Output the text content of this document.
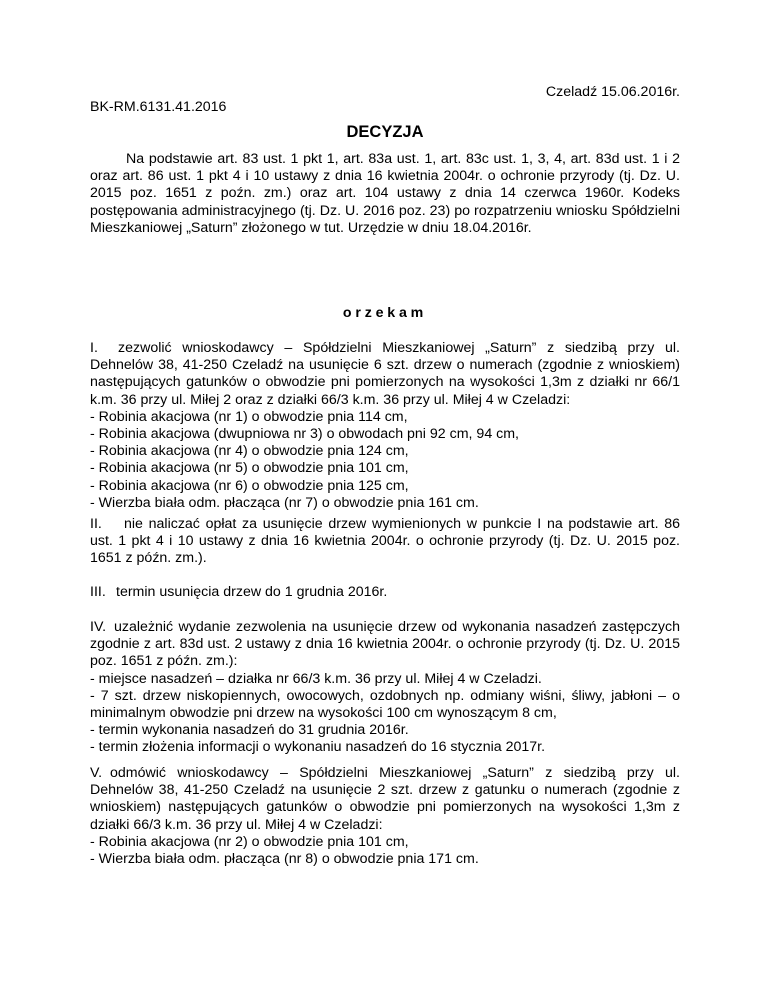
Czeladź 15.06.2016r.
BK-RM.6131.41.2016
DECYZJA

Na podstawie art. 83 ust. 1 pkt 1, art. 83a ust. 1, art. 83c ust. 1, 3, 4, art. 83d ust. 1 i 2 oraz art. 86 ust. 1 pkt 4 i 10 ustawy z dnia 16 kwietnia 2004r. o ochronie przyrody (tj. Dz. U. 2015 poz. 1651 z poźn. zm.) oraz art. 104 ustawy z dnia 14 czerwca 1960r. Kodeks postępowania administracyjnego (tj. Dz. U. 2016 poz. 23) po rozpatrzeniu wniosku Spółdzielni Mieszkaniowej „Saturn” złożonego w tut. Urzędzie w dniu 18.04.2016r.

orzekam

I. zezwolić wnioskodawcy – Spółdzielni Mieszkaniowej „Saturn” z siedzibą przy ul. Dehnelów 38, 41-250 Czeladź na usunięcie 6 szt. drzew o numerach (zgodnie z wnioskiem) następujących gatunków o obwodzie pni pomierzonych na wysokości 1,3m z działki nr 66/1 k.m. 36 przy ul. Miłej 2 oraz z działki 66/3 k.m. 36 przy ul. Miłej 4 w Czeladzi:

- Robinia akacjowa (nr 1) o obwodzie pnia 114 cm,
- Robinia akacjowa (dwupniowa nr 3) o obwodach pni 92 cm, 94 cm,
- Robinia akacjowa (nr 4) o obwodzie pnia 124 cm,
- Robinia akacjowa (nr 5) o obwodzie pnia 101 cm,
- Robinia akacjowa (nr 6) o obwodzie pnia 125 cm,
- Wierzba biała odm. płacząca (nr 7) o obwodzie pnia 161 cm.

II. nie naliczać opłat za usunięcie drzew wymienionych w punkcie I na podstawie art. 86 ust. 1 pkt 4 i 10 ustawy z dnia 16 kwietnia 2004r. o ochronie przyrody (tj. Dz. U. 2015 poz. 1651 z późn. zm.).

III. termin usunięcia drzew do 1 grudnia 2016r.

IV. uzależnić wydanie zezwolenia na usunięcie drzew od wykonania nasadzeń zastępczych zgodnie z art. 83d ust. 2 ustawy z dnia 16 kwietnia 2004r. o ochronie przyrody (tj. Dz. U. 2015 poz. 1651 z późn. zm.):

- miejsce nasadzeń – działka nr 66/3 k.m. 36 przy ul. Miłej 4 w Czeladzi.

- 7 szt. drzew niskopiennych, owocowych, ozdobnych np. odmiany wiśni, śliwy, jabłoni – o minimalnym obwodzie pni drzew na wysokości 100 cm wynoszącym 8 cm,

- termin wykonania nasadzeń do 31 grudnia 2016r.
- termin złożenia informacji o wykonaniu nasadzeń do 16 stycznia 2017r.

V. odmówić wnioskodawcy – Spółdzielni Mieszkaniowej „Saturn” z siedzibą przy ul. Dehnelów 38, 41-250 Czeladź na usunięcie 2 szt. drzew z gatunku o numerach (zgodnie z wnioskiem) następujących gatunków o obwodzie pni pomierzonych na wysokości 1,3m z działki 66/3 k.m. 36 przy ul. Miłej 4 w Czeladzi:

- Robinia akacjowa (nr 2) o obwodzie pnia 101 cm,
- Wierzba biała odm. płacząca (nr 8) o obwodzie pnia 171 cm.
